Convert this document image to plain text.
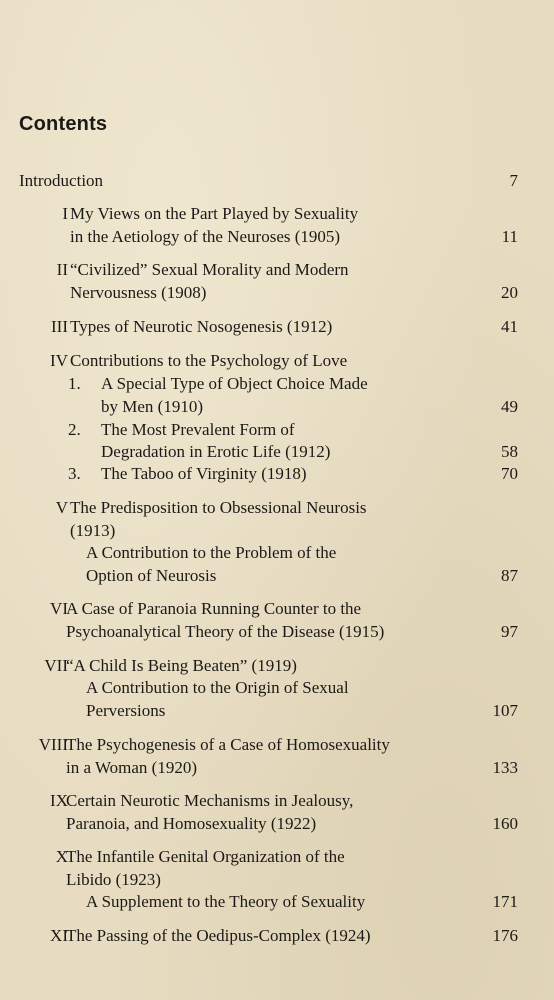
Contents
Introduction	7
I My Views on the Part Played by Sexuality
in the Aetiology of the Neuroses (1905)	11
II “Civilized” Sexual Morality and Modern
Nervousness (1908)	20
III Types of Neurotic Nosogenesis (1912)	41
IV Contributions to the Psychology of Love
1. A Special Type of Object Choice Made
by Men (1910)	49
2. The Most Prevalent Form of
Degradation in Erotic Life (1912)	58
3. The Taboo of Virginity (1918)	70
V The Predisposition to Obsessional Neurosis
(1913)
A Contribution to the Problem of the
Option of Neurosis	87
VI
A Case of Paranoia Running Counter to the
Psychoanalytical Theory of the Disease (1915)	97
VII
“A Child Is Being Beaten” (1919)
A Contribution to the Origin of Sexual
Perversions	107
VIII
The Psychogenesis of a Case of Homosexuality
in a Woman (1920)	133
IX
Certain Neurotic Mechanisms in Jealousy,
Paranoia, and Homosexuality (1922)	160
X
The Infantile Genital Organization of the
Libido (1923)
A Supplement to the Theory of Sexuality	171
XI
The Passing of the Oedipus-Complex (1924)	176
